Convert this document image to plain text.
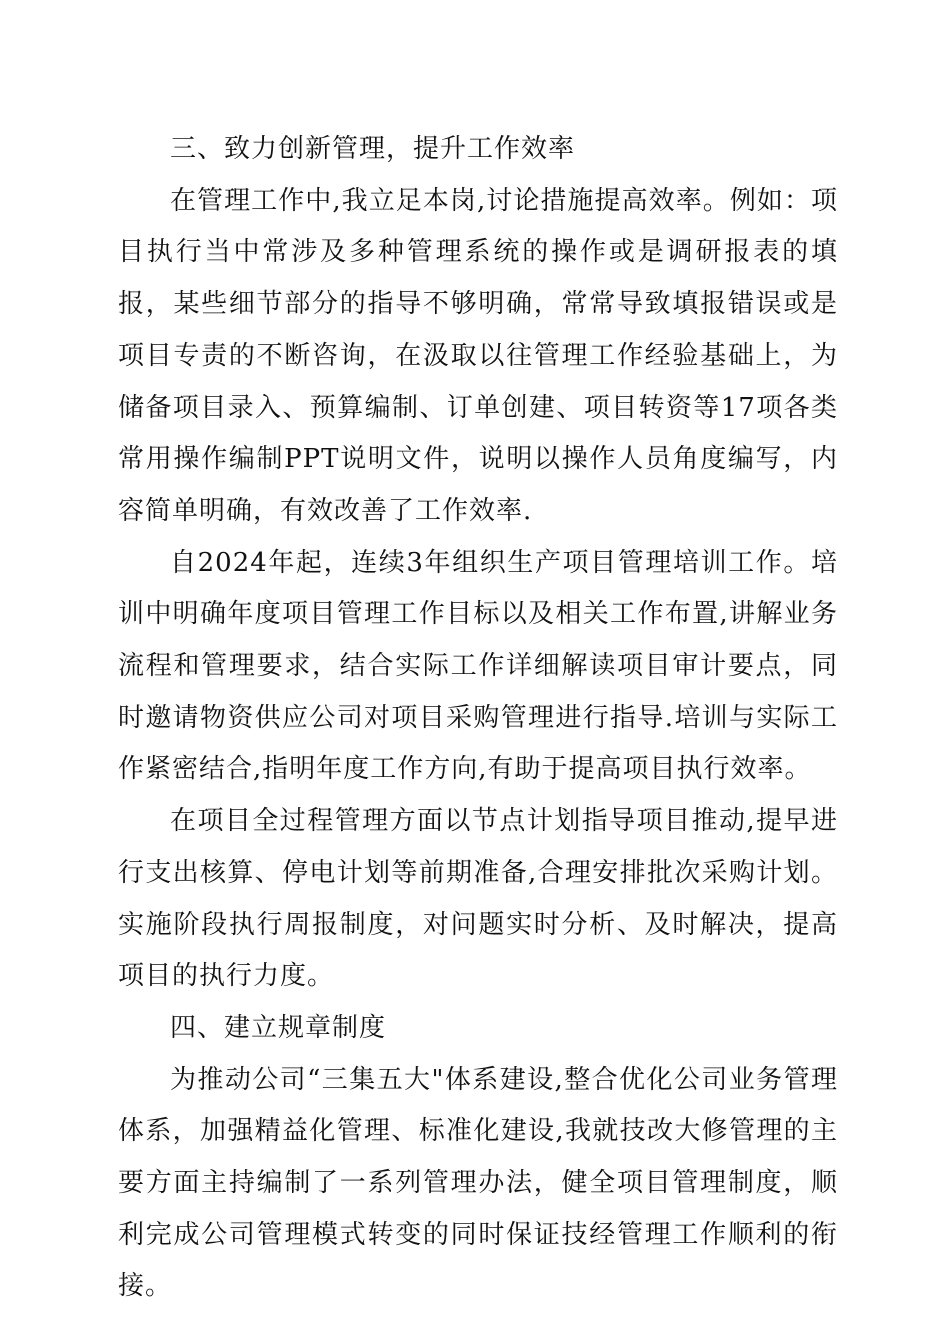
三、致力创新管理，提升工作效率

在管理工作中,我立足本岗,讨论措施提高效率。例如：项目执行当中常涉及多种管理系统的操作或是调研报表的填报，某些细节部分的指导不够明确，常常导致填报错误或是项目专责的不断咨询，在汲取以往管理工作经验基础上，为储备项目录入、预算编制、订单创建、项目转资等17项各类常用操作编制PPT说明文件，说明以操作人员角度编写，内容简单明确，有效改善了工作效率.

自2024年起，连续3年组织生产项目管理培训工作。培训中明确年度项目管理工作目标以及相关工作布置,讲解业务流程和管理要求，结合实际工作详细解读项目审计要点，同时邀请物资供应公司对项目采购管理进行指导.培训与实际工作紧密结合,指明年度工作方向,有助于提高项目执行效率。

在项目全过程管理方面以节点计划指导项目推动,提早进行支出核算、停电计划等前期准备,合理安排批次采购计划。实施阶段执行周报制度，对问题实时分析、及时解决，提高项目的执行力度。

四、建立规章制度

为推动公司“三集五大"体系建设,整合优化公司业务管理体系，加强精益化管理、标准化建设,我就技改大修管理的主要方面主持编制了一系列管理办法，健全项目管理制度，顺利完成公司管理模式转变的同时保证技经管理工作顺利的衔接。
